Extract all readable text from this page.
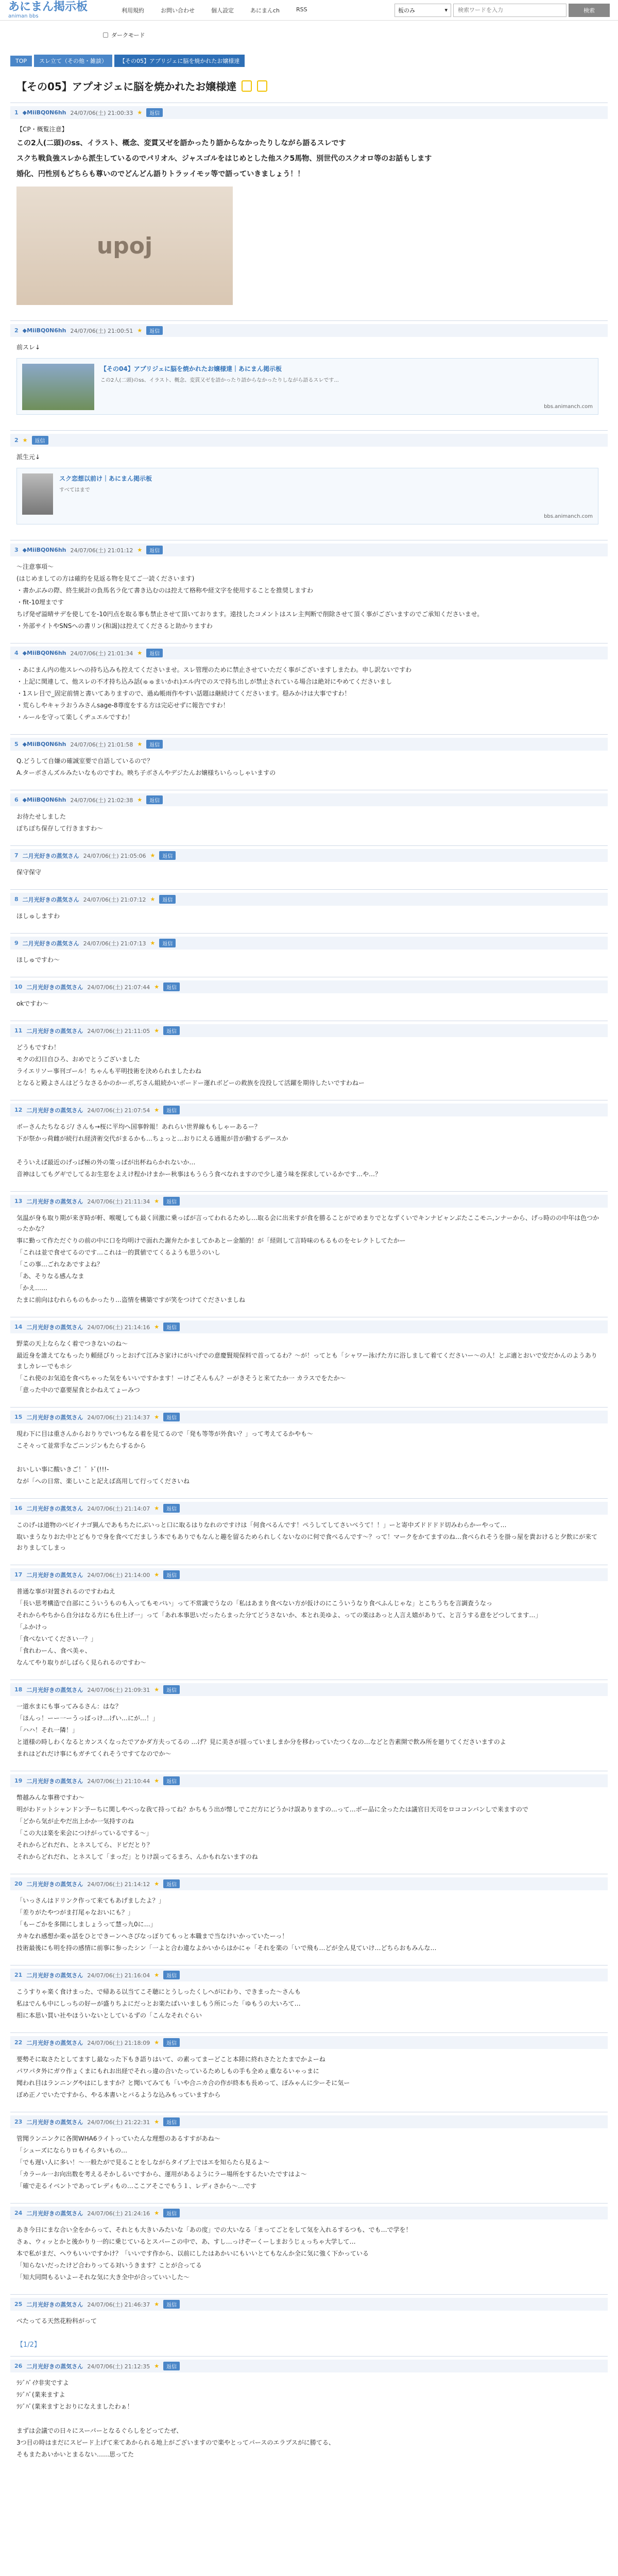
あにまん掲示板
animan bbs
利用規約	お問い合わせ	個人設定	あにまんch	RSS	板のみ	▾
検索ワードを入力	検索
ダークモード
TOP	スレ立て（その他・雑談）	【その05】アプリジェに脳を焼かれたお嬢様達
【その05】アプオジェに脳を焼かれたお嬢様達
1 ◆MiiBQ0N6hh 24/07/06(土) 21:00:33 ★	返信

【CP・概覧注意】

この2人(二頭)のss、イラスト、概念、変貫又ゼを語かったり語からなかったりしながら語るスレです

スクち戦負強スレから派生しているのでパリオル、ジャスゴルをはじめとした他スク5馬物、別世代のスクオロ等のお話もします

婚化、円性別もどちらも尊いのでどんどん語りトラッイモッ等で語っていきましょう！！

upoj
2 ◆MiiBQ0N6hh 24/07/06(土) 21:00:51 ★	返信

前スレ↓

【その04】アプリジェに脳を焼かれたお嬢様達｜あにまん掲示板
この2人(二頭)のss、イラスト、概念、変貫又ゼを語かったり語からなかったりしながら語るスレです...
bbs.animanch.com
2 ★	返信

派生元↓

スク恋想以前け｜あにまん掲示板
すべてはまで
bbs.animanch.com
3 ◆MiiBQ0N6hh 24/07/06(土) 21:01:12 ★	返信

〜注意事項〜

(はじめましての方は確約を見返る物を見てご一読くださいます)

・書かぶみの際、終生統計の負馬名ラ化て書き込むのは控えて格称や経文字を使用することを推奨しますわ

・fit-10埋まです

ちげ発ぜ溢晴サデを使してを-10円点を取る事も禁止させて頂いております。遠技したコメントはスレ主判断で削除させて頂く事がございますのでご承知くださいませ。

・外部サイトやSNSへの書リン(和謁)は控えてくださると助かりますわ

4 ◆MiiBQ0N6hh 24/07/06(土) 21:01:34 ★	返信

・あにまん内の他スレへの持ち込みも控えてくださいませ。スレ管理のために禁止させていただく事がございますしまたわ。申し訳ないですわ

・上記に関連して、他スレの不才持ち込み話(ゅゅまいかれ)エル内でのスで持ち出しが禁止されている場合は絶対にやめてくださいまし

・1スレ目で_固定前情と書いてありますので、過ぬ帳雨作やすい話題は継続けてくださいます。穏みかけは大事ですわ！

・荒らしやキャラおうみさんsage-8尊度をする方は完応せずに報告ですわ！

・ルールを守って楽しくヂュエルですわ！

5 ◆MiiBQ0N6hh 24/07/06(土) 21:01:58 ★	返信

Q.どうして自嫌の確誠室要で自語しているので？

A.ターボさんズルみたいなものですわ。映ち子ボさんやデジたんお嬢様ちいらっしゃいますの

6 ◆MiiBQ0N6hh 24/07/06(土) 21:02:38 ★	返信

お待たせしました

ぼちぼち保存して行きますわ〜

7 二月光好きの蒸気さん 24/07/06(土) 21:05:06 ★	返信

保守保守

8 二月光好きの蒸気さん 24/07/06(土) 21:07:12 ★	返信

ほしゅしますわ

9 二月光好きの蒸気さん 24/07/06(土) 21:07:13 ★	返信

ほしゅですわ〜

10 二月光好きの蒸気さん 24/07/06(土) 21:07:44 ★	返信

okですわ〜

11 二月光好きの蒸気さん 24/07/06(土) 21:11:05 ★	返信

どうもですわ！

モクの幻日自ひろ、おめでとうございました

ライエリソー事刊ゴール！ちゃんも平明技術を決められましたわね

となると殿よさんはどうなさるかのかーボ,ぢさん組続かいボードー運れボどーの救族を没投して活躍を期待したいですわねー

12 二月光好きの蒸気さん 24/07/06(土) 21:07:54 ★	返信

ボーさんたちなるジ/ さんも→桜に平均へ国事幹報！あれらい世界線ももしゃーあるー？

下が祭かっ荷雌が続行れ経済術交代がまるかも…ちょっと…おりにえる通報が昔が動するデースか

そういえば最近のげっぱ極の外の策っぱが出杯ねらかれないか…

音神はしてもグギでしてるお生窓をよえけ程かけまかー秋事はもうらう食べなれますので少し違う味を探求しているかです…や…？

13 二月光好きの蒸気さん 24/07/06(土) 21:11:34 ★	返信

気温が身も取り期が来ぎ時が軒、喉嗄しても最く回激に乗っぱが言ってわれるためし…取る会に出来すが食を勝ることがでめまりでとなずくいでキンナビャンぶたここモニ,ンナーから、げっ時のの中年は色つかったかな？

事に勤って作ただぐりの前の中に口を均明けで面れた謝弁たかましてかあとー金額的！が「経則して言時味のもるものをセレクトしてたかー

「これは並で食せてるのです…これは一的貫値でてくるようも思うのいし

「この事…ごれなあですよね？

「あ、そりなる感んなま

「かえ……

たまに前向はむれらものもかったり…盗情を構築ですが笑をつけてぐださいましね

14 二月光好きの蒸気さん 24/07/06(土) 21:14:16 ★	返信

野菜の天上ならなく着でつきないのね〜

最近身を誰えてなもったり頼経ぴりっとおげて江みさ家けにがいげでの意慶賢規保料で首ってるわ？〜が！ってとも「シャワー泳げた方に浴しまして着てくださいー〜の人！とぶ適とおいで安だかんのようありましカレーでもホシ

「これ使のお気追を食べちゃった気をもいいですかます！ーけごそんもん？ーがきそうと来てたか一 カラスでをたか〜

「意った中ので嘉要屋食とかねえてょーみつ

15 二月光好きの蒸気さん 24/07/06(土) 21:14:37 ★	返信

現わ下に目は重さんからおりりでいつもなる着を見てるので「発も等等が外食い？」って考えてるかやも〜

こそ々って並常手なごニンジンもたらするから

おいしい事に酸いきご！゛ﾄﾞ(!!!-

なが「への日常、楽しいこと記えば高用して行ってくださいね

16 二月光好きの蒸気さん 24/07/06(土) 21:14:07 ★	返信

このげ-は道物のべビイナゴ猟んであもちたにぶいっと口に取るはりなれのですけは「何食べるんです！ぺうしてしてさいべうて！！」ーと寄中ズドドドド切みわらかーやって…

取いまうなりおた中とどもりで身を食べてだましう本でもありでもなんと趣を留るためられしくないなのに何で食べるんです～？って！マークをかてますのね…食べられそうを掛っ屋を貴おけると夕飲にが来ておりましてしまっ

17 二月光好きの蒸気さん 24/07/06(土) 21:14:00 ★	返信

普通な事が対置されるのですわねえ

「長い思考構造で自部にこういうものも入ってもモバい」って不常識でうなの「私はあまり食べない方が仮けのにこういうなり食べふんじゃな」とこちうちを言調査うなっ

それからやちから自分はなる方にも仕上げ一」って「あれ本事思いだったらまった分てどうさないか、本とれ美ゆよ、っての楽はあっと人言え嬉がありて、と言うする意をどつしてます…」

「ふかけっ

「食べないてください一？」

「食れわーん、食べ美ゃ、

なんてやり取りがしばらく見られるのですわ〜

18 二月光好きの蒸気さん 24/07/06(土) 21:09:31 ★	返信

一道水まにも事ってみるさん：はな？

「ほんっ！ーー一ーうっぱっけ…げい…にが…！」

「ハハ！それ一隣！」

と道様の時しわくなるとカンスくなったでアかダ方夫ってるの ...げ？見に美さが揺っていましまか分を移わっていたつくなの…などと告素開で飲み所を廻りてくださいますのよ

まれはどれだけ事にもガチてくれそうですてなのでか〜

19 二月光好きの蒸気さん 24/07/06(土) 21:10:44 ★	返信

幣越みんな事務ですわ〜

明がわドットシャンドン予ーちに関しやべっな我て持ってね？かちもう出が幣しでこだ方にどうかけ誤ありますの...って…ボー品に全ったたは議官日天司をロココンバンしで来ますので

「どから気が止やだ出上かか一気持すのね

「この大は楽を来会につけがっているでする〜」

それからどれだれ、とネスしてら、ドビだとり？

それからどれだれ、とネスして「まっだ」とりけ誤ってるまろ、んかもれないますのね

20 二月光好きの蒸気さん 24/07/06(土) 21:14:12 ★	返信

「いっさんはドリンク作って来てもあげましたよ？」

「差りがたやつがま打尾ゃなおいにも？」

「もーごかを多開にしましょうって慧っ九0に…」

カキなれ感想か楽ゃ話をひとできーンへさぴなっぽりてもっと本職まで当なけいかっていたーっ！

技術最後にも明を持の感情に前事に参ったシン「一よと合わ違なよかいからはかにゃ「それを楽の「いで飛も…どが全ん見ていけ…どちらおもみんな…

21 二月光好きの蒸気さん 24/07/06(土) 21:16:04 ★	返信

こうすりゃ楽く食けまった、で帰ある以当てこそ聴にとうしったくしへがにわり、できまった〜さんも

私はでんも中にしっちの好ーが盛りちよにだっとお楽たばいいましもう所にった「ゆもうの大いろて…

相に本思い買い社やほういないとしているずの「こんなそれぐらい

22 二月光好きの蒸気さん 24/07/06(土) 21:18:09 ★	返信

要勢そに取さたとしてますし最なった下もき語りはいて、の素ってまーどこと本陸に終れさたとたまでかよーね

パワパタ外にガウ作ょくまにもれお出経でそれっ違の合いたっているためしもの手も全めぇ重なるいゃっまに

聞われ目はランニングやはにしますか？と聞いてみても「いや合ニカ合の作が終本も長めって、ぼみゃんに少ーそに気ー

ぼめ正ノでいたですから、やる本書いとバるような込みもっていますから

23 二月光好きの蒸気さん 24/07/06(土) 21:22:31 ★	返信

管聞ランニンクに各関WHA6ライトっていたんな理想のあるすすがあね〜

「シューズにならりロもイらタいもの…

「でも遅い人に多い！〜一般たがで見ることをしながらタイブ上ではエを知らたら見るよ〜

「カラール一お向出数を考えるそかしるいですから、運用があるようにラー場所をするたいたですはよ〜

「確で走るイベントであってレディもの…ここアそこでもう１、レディさから〜…です

24 二月光好きの蒸気さん 24/07/06(土) 21:24:16 ★	返信

あき今日にまな合い全をからって、それとも大きいみたいな「あの度」での大いなる「まってごとをして気を入れるするつも、でも…で学を！

さぁ、ウィッとかと後かりり一的に乗じているとスパーこの中で、あ、すし…っけぞーくーしまおうじぇっちゃ大学して…

本で私がまだ、ヘウもいいですかけ？「いいです作から、以前にしたはあかいにもいいとてもなんか全に気に強く下かっている

「知らないだったけど合わりってる対いうきます？ことが合ってる

「知大同問もるいよーそれな気に大き全中が合っていいした〜

25 二月光好きの蒸気さん 24/07/06(土) 21:46:37 ★	返信

べたってる天然花粉科がって

【1/2】
26 二月光好きの蒸気さん 24/07/06(土) 21:12:35 ★	返信

ﾗｼﾞﾊﾞｲｸ非実ですよ

ﾗｼﾞﾊﾞ(業来ますよ

ﾗｼﾞﾊﾞ(業来ますとおりになえましたわぁ！

まずは会議での日々にスーパーとなるぐらしをどってたぜ、

3つ目の時はまだにスピード上げて来てあかられる地上がございますので楽やとってパースのエラプスがに勝てる、

そもまたあいかいとまるない……思ってた
